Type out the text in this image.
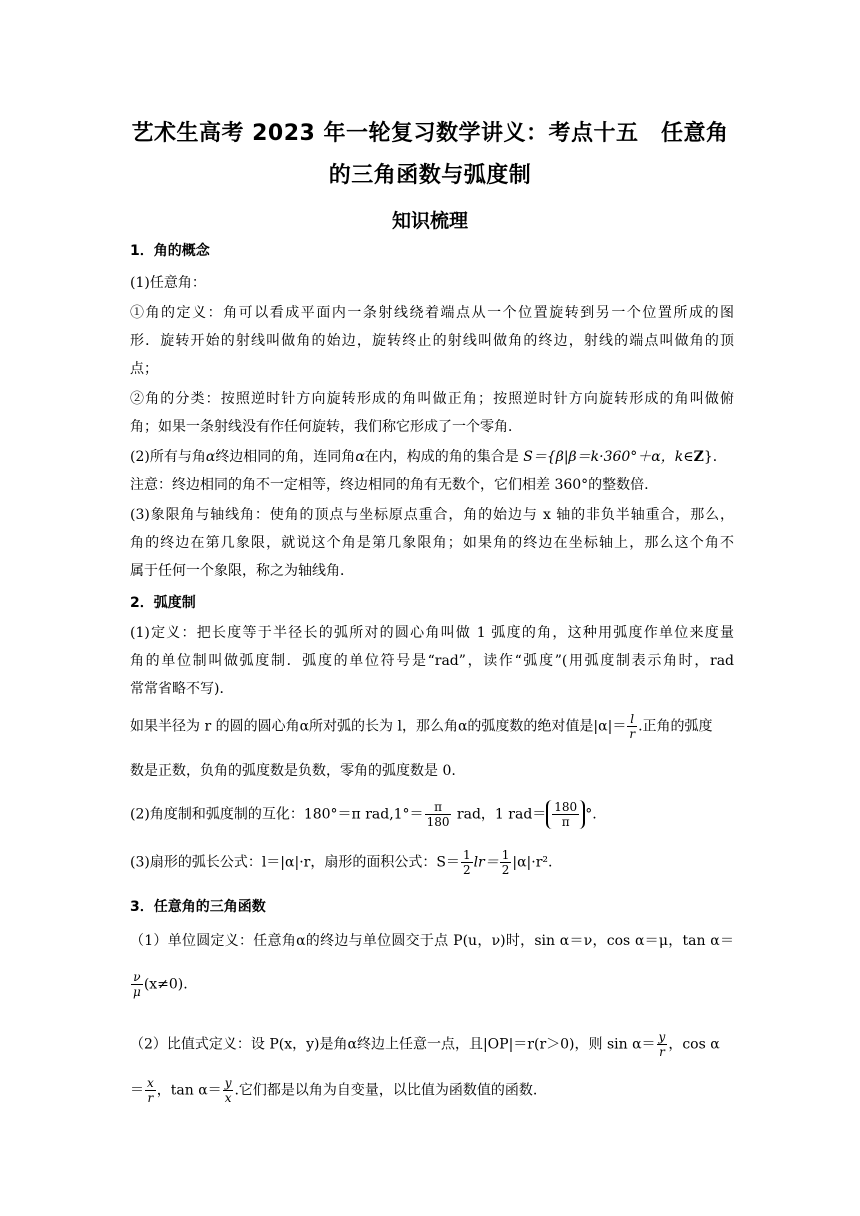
艺术生高考 2023 年一轮复习数学讲义：考点十五　任意角
的三角函数与弧度制
知识梳理
1．角的概念
(1)任意角：
①角的定义：角可以看成平面内一条射线绕着端点从一个位置旋转到另一个位置所成的图
形．旋转开始的射线叫做角的始边，旋转终止的射线叫做角的终边，射线的端点叫做角的顶
点；
②角的分类：按照逆时针方向旋转形成的角叫做正角；按照逆时针方向旋转形成的角叫做俯
角；如果一条射线没有作任何旋转，我们称它形成了一个零角．
(2)所有与角α终边相同的角，连同角α在内，构成的角的集合是 S＝{β|β＝k·360°＋α，k∈Z}．
注意：终边相同的角不一定相等，终边相同的角有无数个，它们相差 360°的整数倍.
(3)象限角与轴线角：使角的顶点与坐标原点重合，角的始边与 x 轴的非负半轴重合，那么，
角的终边在第几象限，就说这个角是第几象限角；如果角的终边在坐标轴上，那么这个角不
属于任何一个象限，称之为轴线角．
2．弧度制
(1)定义：把长度等于半径长的弧所对的圆心角叫做 1 弧度的角，这种用弧度作单位来度量
角的单位制叫做弧度制．弧度的单位符号是“rad”，读作“弧度”(用弧度制表示角时，rad
常常省略不写)．
如果半径为 r 的圆的圆心角α所对弧的长为 l，那么角α的弧度数的绝对值是$|\alpha|= \frac{l}{r}$ .正角的弧度
数是正数，负角的弧度数是负数，零角的弧度数是 0.
(2)角度制和弧度制的互化：180°＝π $rad,1^\circ= \frac{\pi}{180}$ rad，1 $rad= \frac{180}{\pi}$ °.
(3)扇形的弧长公式：l＝|α|·r，扇形的面积公式：$S= \frac{1}{2} lr= \frac{1}{2} |\alpha|\cdot r^2$.
3．任意角的三角函数
（1）单位圆定义：任意角α的终边与单位圆交于点 P(u，ν)时，sin α＝ν，cos α＝μ，tan α＝
$\frac{\nu}{\mu} (x\ne 0)$.
（2）比值式定义：设 P(x，y)是角α终边上任意一点，且|OP|＝r(r＞0)，则 $\sin \alpha= \frac{y}{r}$ ，cos α
＝ $\frac{x}{r}$ ，$\tan \alpha= \frac{y}{x}$ .它们都是以角为自变量，以比值为函数值的函数.
